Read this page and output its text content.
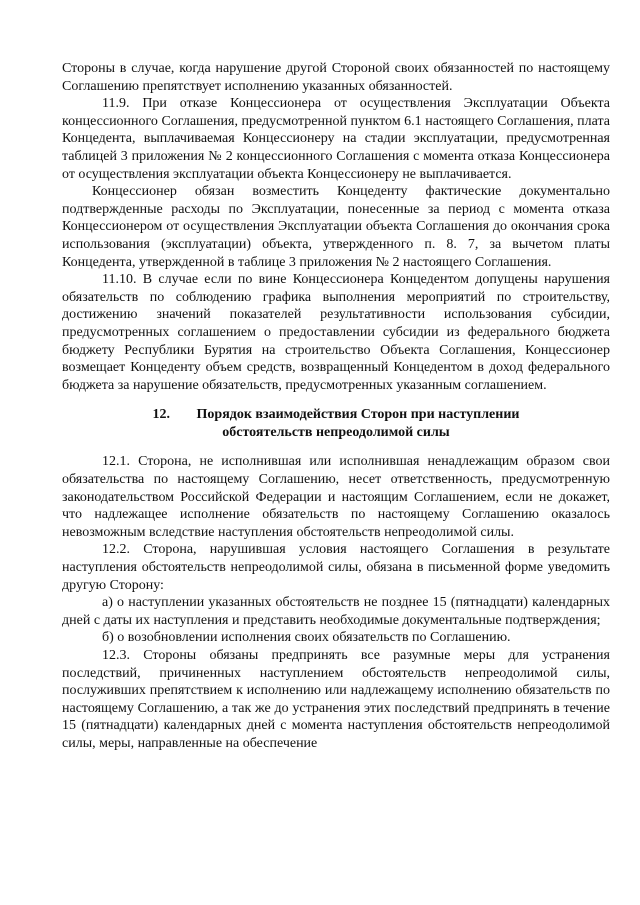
Стороны в случае, когда нарушение другой Стороной своих обязанностей по настоящему Соглашению препятствует исполнению указанных обязанностей.

11.9. При отказе Концессионера от осуществления Эксплуатации Объекта концессионного Соглашения, предусмотренной пунктом 6.1 настоящего Соглашения, плата Концедента, выплачиваемая Концессионеру на стадии эксплуатации, предусмотренная таблицей 3 приложения № 2 концессионного Соглашения с момента отказа Концессионера от осуществления эксплуатации объекта Концессионеру не выплачивается.

Концессионер обязан возместить Концеденту фактические документально подтвержденные расходы по Эксплуатации, понесенные за период с момента отказа Концессионером от осуществления Эксплуатации объекта Соглашения до окончания срока использования (эксплуатации) объекта, утвержденного п. 8. 7, за вычетом платы Концедента, утвержденной в таблице 3 приложения № 2 настоящего Соглашения.

11.10. В случае если по вине Концессионера Концедентом допущены нарушения обязательств по соблюдению графика выполнения мероприятий по строительству, достижению значений показателей результативности использования субсидии, предусмотренных соглашением о предоставлении субсидии из федерального бюджета бюджету Республики Бурятия на строительство Объекта Соглашения, Концессионер возмещает Концеденту объем средств, возвращенный Концедентом в доход федерального бюджета за нарушение обязательств, предусмотренных указанным соглашением.

12. Порядок взаимодействия Сторон при наступлении
обстоятельств непреодолимой силы

12.1. Сторона, не исполнившая или исполнившая ненадлежащим образом свои обязательства по настоящему Соглашению, несет ответственность, предусмотренную законодательством Российской Федерации и настоящим Соглашением, если не докажет, что надлежащее исполнение обязательств по настоящему Соглашению оказалось невозможным вследствие наступления обстоятельств непреодолимой силы.

12.2. Сторона, нарушившая условия настоящего Соглашения в результате наступления обстоятельств непреодолимой силы, обязана в письменной форме уведомить другую Сторону:

а) о наступлении указанных обстоятельств не позднее 15 (пятнадцати) календарных дней с даты их наступления и представить необходимые документальные подтверждения;

б) о возобновлении исполнения своих обязательств по Соглашению.

12.3. Стороны обязаны предпринять все разумные меры для устранения последствий, причиненных наступлением обстоятельств непреодолимой силы, послуживших препятствием к исполнению или надлежащему исполнению обязательств по настоящему Соглашению, а так же до устранения этих последствий предпринять в течение 15 (пятнадцати) календарных дней с момента наступления обстоятельств непреодолимой силы, меры, направленные на обеспечение
